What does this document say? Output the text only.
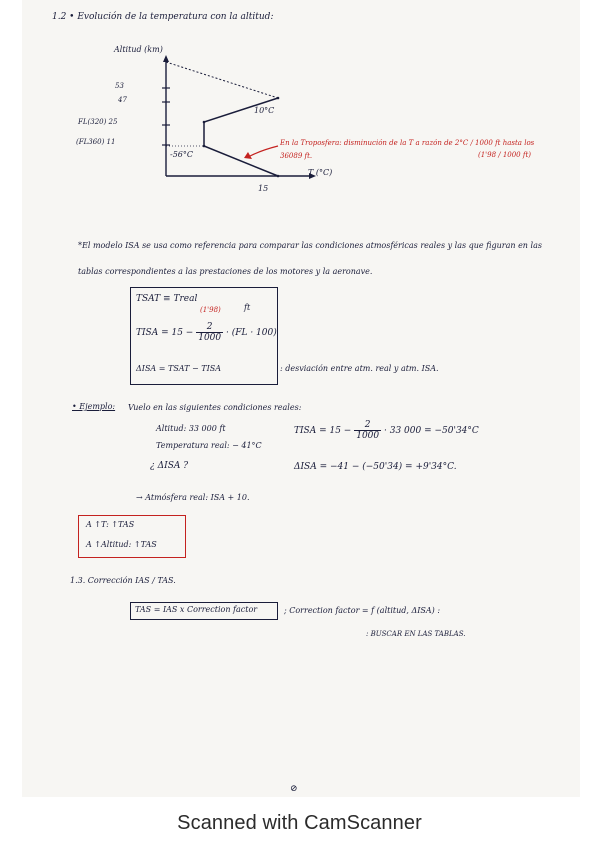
1.2 • Evolución de la temperatura con la altitud:
Altitud (km)
T (°C)
53
47
FL(320) 25
(FL360) 11
10°C
-56°C
15
En la Troposfera: disminución de la T a razón de 2°C / 1000 ft hasta los 36089 ft.	(1'98 / 1000 ft)
*El modelo ISA se usa como referencia para comparar las condiciones atmosféricas reales y las que figuran en las tablas correspondientes a las prestaciones de los motores y la aeronave.
TSAT ≡ Treal
(1'98)	ft
TISA = $15 - \frac{2}{1000} \cdot (FL \cdot 100)$
ΔISA = TSAT − TISA	: desviación entre atm. real y atm. ISA.
• Ejemplo: Vuelo en las siguientes condiciones reales:
Altitud: 33 000 ft
Temperatura real: − 41°C
¿ ΔISA ?
TISA = $15 - \frac{2}{1000} \cdot 33$ 000 = −50'34°C
ΔISA = −41 − (−50'34) = +9'34°C.
→ Atmósfera real: ISA + 10.
A ↑T: ↑TAS
A ↑Altitud: ↑TAS
1.3. Corrección IAS / TAS.
TAS = IAS x Correction factor	; Correction factor = f (altitud, ΔISA) :
: BUSCAR EN LAS TABLAS.
⊘
Scanned with CamScanner
